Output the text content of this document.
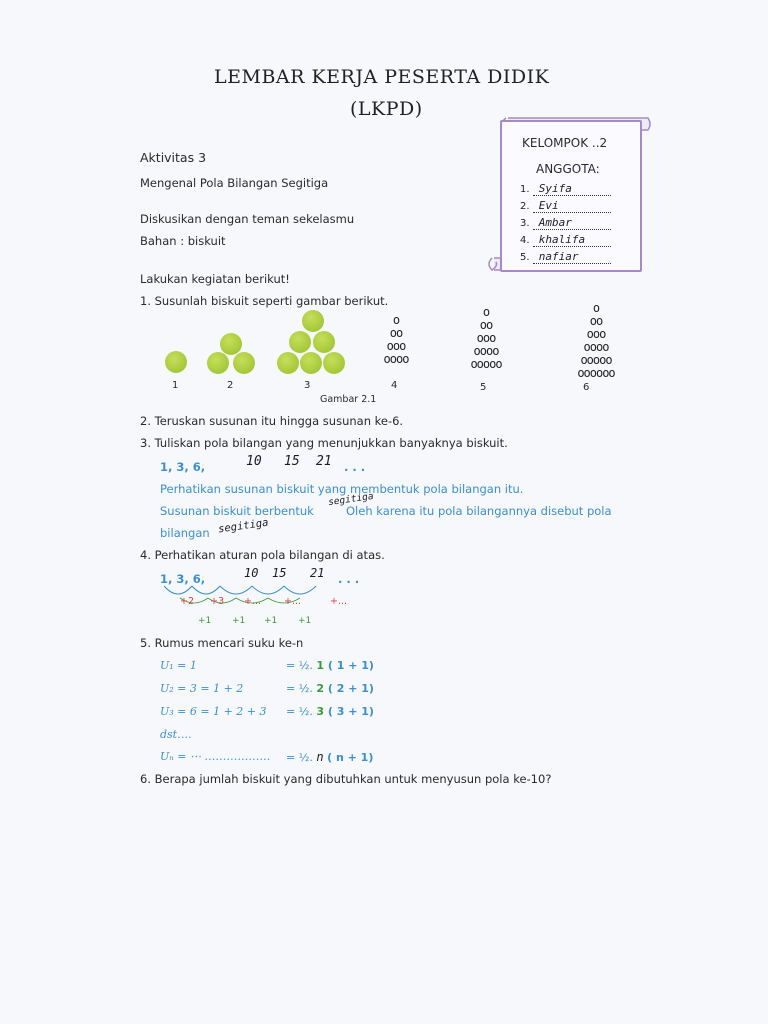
LEMBAR KERJA PESERTA DIDIK
(LKPD)
KELOMPOK ..2
ANGGOTA:
1. Syifa
2. Evi
3. Ambar
4. khalifa
5. nafiar
Aktivitas 3
Mengenal Pola Bilangan Segitiga
Diskusikan dengan teman sekelasmu
Bahan : biskuit
Lakukan kegiatan berikut!
1. Susunlah biskuit seperti gambar berikut.
o
oo
ooo
oooo
o
oo
ooo
oooo
ooooo
o
oo
ooo
oooo
ooooo
oooooo
1	2	3	4	5	6
Gambar 2.1
2. Teruskan susunan itu hingga susunan ke-6.
3. Tuliskan pola bilangan yang menunjukkan banyaknya biskuit.
1, 3, 6,	10 15 21 . . .
Perhatikan susunan biskuit yang membentuk pola bilangan itu.
Susunan biskuit berbentuk
segitiga
Oleh karena itu pola bilangannya disebut pola
bilangan segitiga
4. Perhatikan aturan pola bilangan di atas.
1, 3, 6,	10 15 21 . . .
+2 +3 +... +...	+...
+1 +1 +1 +1
5. Rumus mencari suku ke-n
U₁ = 1	= ½. 1 ( 1 + 1)
U₂ = 3 = 1 + 2	= ½. 2 ( 2 + 1)
U₃ = 6 = 1 + 2 + 3 = ½. 3 ( 3 + 1)
dst….
Uₙ = ⋯ ……………… = ½. n ( n + 1)
6. Berapa jumlah biskuit yang dibutuhkan untuk menyusun pola ke-10?
